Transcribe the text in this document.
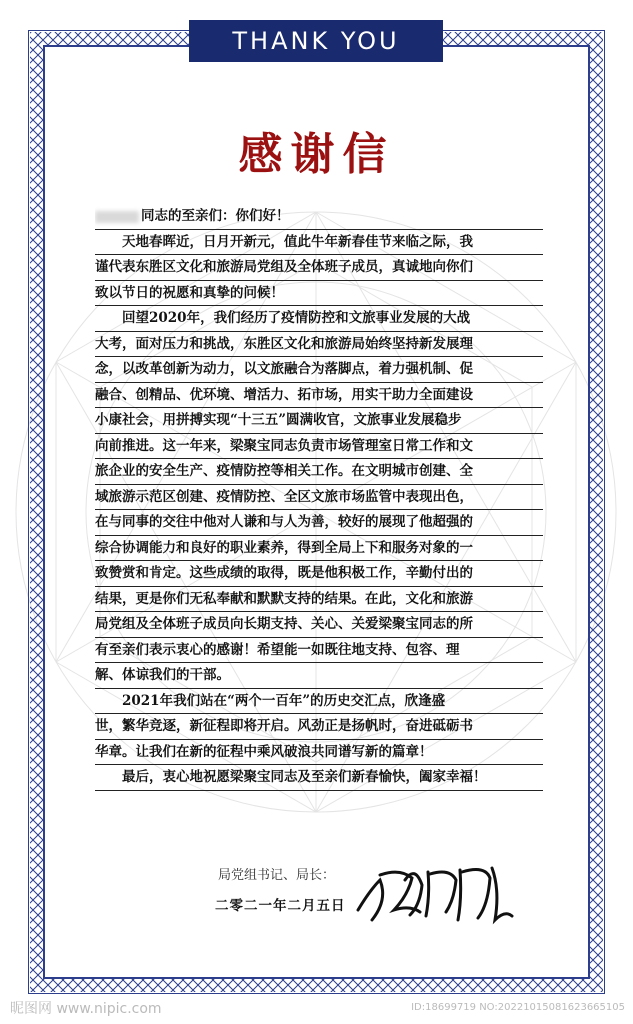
THANK YOU
感谢信
同志的至亲们：你们好！
天地春晖近，日月开新元，值此牛年新春佳节来临之际，我
谨代表东胜区文化和旅游局党组及全体班子成员，真诚地向你们
致以节日的祝愿和真挚的问候！
回望2020年，我们经历了疫情防控和文旅事业发展的大战
大考，面对压力和挑战，东胜区文化和旅游局始终坚持新发展理
念，以改革创新为动力，以文旅融合为落脚点，着力强机制、促
融合、创精品、优环境、增活力、拓市场，用实干助力全面建设
小康社会，用拼搏实现“十三五”圆满收官，文旅事业发展稳步
向前推进。这一年来，梁聚宝同志负责市场管理室日常工作和文
旅企业的安全生产、疫情防控等相关工作。在文明城市创建、全
域旅游示范区创建、疫情防控、全区文旅市场监管中表现出色，
在与同事的交往中他对人谦和与人为善，较好的展现了他超强的
综合协调能力和良好的职业素养，得到全局上下和服务对象的一
致赞赏和肯定。这些成绩的取得，既是他积极工作，辛勤付出的
结果，更是你们无私奉献和默默支持的结果。在此，文化和旅游
局党组及全体班子成员向长期支持、关心、关爱梁聚宝同志的所
有至亲们表示衷心的感谢！希望能一如既往地支持、包容、理
解、体谅我们的干部。
2021年我们站在“两个一百年”的历史交汇点，欣逢盛
世，繁华竞逐，新征程即将开启。风劲正是扬帆时，奋进砥砺书
华章。让我们在新的征程中乘风破浪共同谱写新的篇章！
最后，衷心地祝愿梁聚宝同志及至亲们新春愉快，阖家幸福！
局党组书记、局长：
二零二一年二月五日
昵图网 www.nipic.com	ID:18699719 NO:20221015081623665105
